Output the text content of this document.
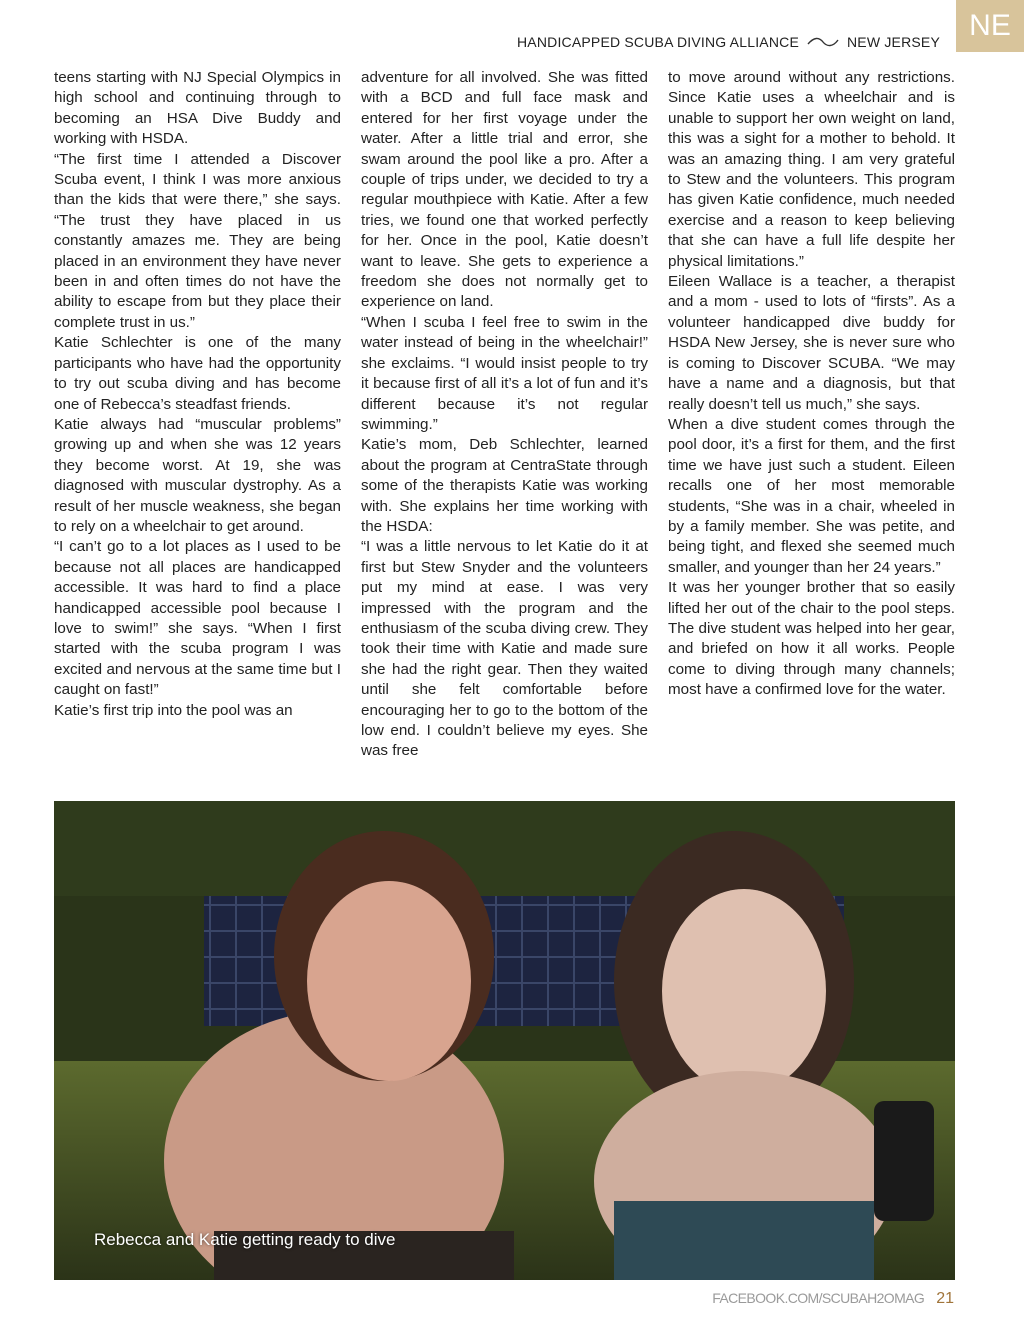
HANDICAPPED SCUBA DIVING ALLIANCE	NEW JERSEY NE

teens starting with NJ Special Olympics in high school and continuing through to becoming an HSA Dive Buddy and working with HSDA.

“The first time I attended a Discover Scuba event, I think I was more anxious than the kids that were there,” she says. “The trust they have placed in us constantly amazes me. They are being placed in an environment they have never been in and often times do not have the ability to escape from but they place their complete trust in us.”

Katie Schlechter is one of the many participants who have had the opportunity to try out scuba diving and has become one of Rebecca’s steadfast friends.

Katie always had “muscular problems” growing up and when she was 12 years they become worst. At 19, she was diagnosed with muscular dystrophy. As a result of her muscle weakness, she began to rely on a wheelchair to get around.

“I can’t go to a lot places as I used to be because not all places are handicapped accessible. It was hard to find a place handicapped accessible pool because I love to swim!” she says. “When I first started with the scuba program I was excited and nervous at the same time but I caught on fast!”

Katie’s first trip into the pool was an

adventure for all involved. She was fitted with a BCD and full face mask and entered for her first voyage under the water. After a little trial and error, she swam around the pool like a pro. After a couple of trips under, we decided to try a regular mouthpiece with Katie. After a few tries, we found one that worked perfectly for her. Once in the pool, Katie doesn’t want to leave. She gets to experience a freedom she does not normally get to experience on land.

“When I scuba I feel free to swim in the water instead of being in the wheelchair!” she exclaims. “I would insist people to try it because first of all it’s a lot of fun and it’s different because it’s not regular swimming.”

Katie’s mom, Deb Schlechter, learned about the program at CentraState through some of the therapists Katie was working with. She explains her time working with the HSDA:

“I was a little nervous to let Katie do it at first but Stew Snyder and the volunteers put my mind at ease. I was very impressed with the program and the enthusiasm of the scuba diving crew. They took their time with Katie and made sure she had the right gear. Then they waited until she felt comfortable before encouraging her to go to the bottom of the low end. I couldn’t believe my eyes. She was free

to move around without any restrictions. Since Katie uses a wheelchair and is unable to support her own weight on land, this was a sight for a mother to behold. It was an amazing thing. I am very grateful to Stew and the volunteers. This program has given Katie confidence, much needed exercise and a reason to keep believing that she can have a full life despite her physical limitations.”

Eileen Wallace is a teacher, a therapist and a mom - used to lots of “firsts”. As a volunteer handicapped dive buddy for HSDA New Jersey, she is never sure who is coming to Discover SCUBA. “We may have a name and a diagnosis, but that really doesn’t tell us much,” she says.

When a dive student comes through the pool door, it’s a first for them, and the first time we have just such a student. Eileen recalls one of her most memorable students, “She was in a chair, wheeled in by a family member. She was petite, and being tight, and flexed she seemed much smaller, and younger than her 24 years.”

It was her younger brother that so easily lifted her out of the chair to the pool steps. The dive student was helped into her gear, and briefed on how it all works. People come to diving through many channels; most have a confirmed love for the water.

Rebecca and Katie getting ready to dive
FACEBOOK.COM/SCUBAH2OMAG 21
